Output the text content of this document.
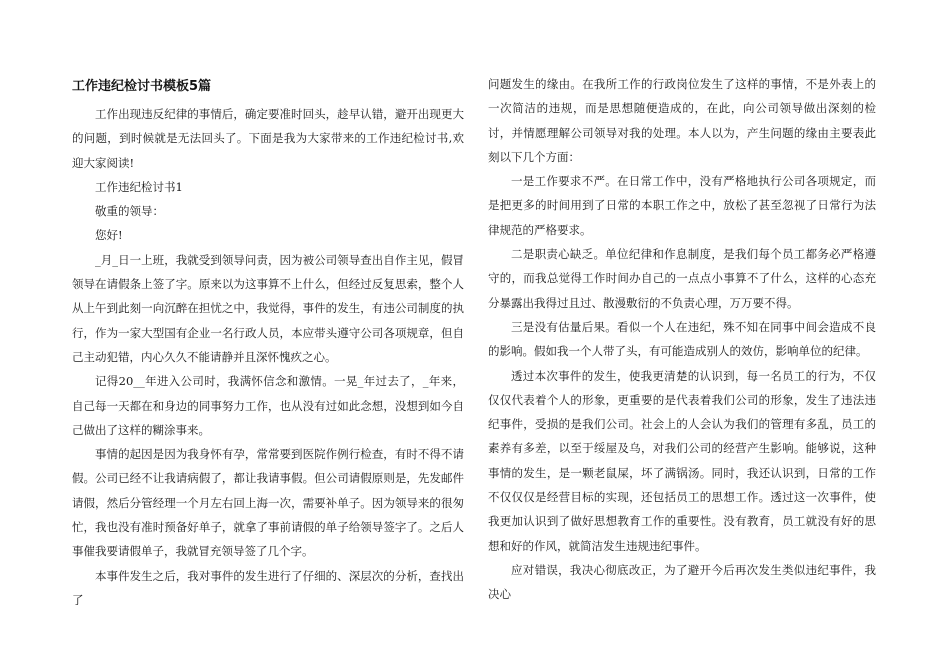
工作违纪检讨书模板5篇

工作出现违反纪律的事情后，确定要准时回头，趁早认错，避开出现更大的问题，到时候就是无法回头了。下面是我为大家带来的工作违纪检讨书,欢迎大家阅读!

工作违纪检讨书1

敬重的领导：

您好!

_月_日一上班，我就受到领导问责，因为被公司领导查出自作主见，假冒领导在请假条上签了字。原来以为这事算不上什么，但经过反复思索，整个人从上午到此刻一向沉醉在担忧之中，我觉得，事件的发生，有违公司制度的执行，作为一家大型国有企业一名行政人员，本应带头遵守公司各项规章，但自己主动犯错，内心久久不能请静并且深怀愧疚之心。

记得20__年进入公司时，我满怀信念和激情。一晃_年过去了，_年来，自己每一天都在和身边的同事努力工作，也从没有过如此念想，没想到如今自己做出了这样的糊涂事来。

事情的起因是因为我身怀有孕，常常要到医院作例行检查，有时不得不请假。公司已经不让我请病假了，都让我请事假。但公司请假原则是，先发邮件请假，然后分管经理一个月左右回上海一次，需要补单子。因为领导来的很匆忙，我也没有准时预备好单子，就拿了事前请假的单子给领导签字了。之后人事催我要请假单子，我就冒充领导签了几个字。

本事件发生之后，我对事件的发生进行了仔细的、深层次的分析，查找出了

问题发生的缘由。在我所工作的行政岗位发生了这样的事情，不是外表上的一次简洁的违规，而是思想随便造成的，在此，向公司领导做出深刻的检讨，并情愿理解公司领导对我的处理。本人以为，产生问题的缘由主要表此刻以下几个方面：

一是工作要求不严。在日常工作中，没有严格地执行公司各项规定，而是把更多的时间用到了日常的本职工作之中，放松了甚至忽视了日常行为法律规范的严格要求。

二是职责心缺乏。单位纪律和作息制度，是我们每个员工都务必严格遵守的，而我总觉得工作时间办自己的一点点小事算不了什么，这样的心态充分暴露出我得过且过、散漫敷衍的不负责心理，万万要不得。

三是没有估量后果。看似一个人在违纪，殊不知在同事中间会造成不良的影响。假如我一个人带了头，有可能造成别人的效仿，影响单位的纪律。

透过本次事件的发生，使我更清楚的认识到，每一名员工的行为，不仅仅仅代表着个人的形象，更重要的是代表着我们公司的形象，发生了违法违纪事件，受损的是我们公司。社会上的人会认为我们的管理有多乱，员工的素养有多差，以至于绥屋及乌，对我们公司的经营产生影响。能够说，这种事情的发生，是一颗老鼠屎，坏了满锅汤。同时，我还认识到，日常的工作不仅仅仅是经营目标的实现，还包括员工的思想工作。透过这一次事件，使我更加认识到了做好思想教育工作的重要性。没有教育，员工就没有好的思想和好的作风，就简洁发生违规违纪事件。

应对错误，我决心彻底改正，为了避开今后再次发生类似违纪事件，我决心
